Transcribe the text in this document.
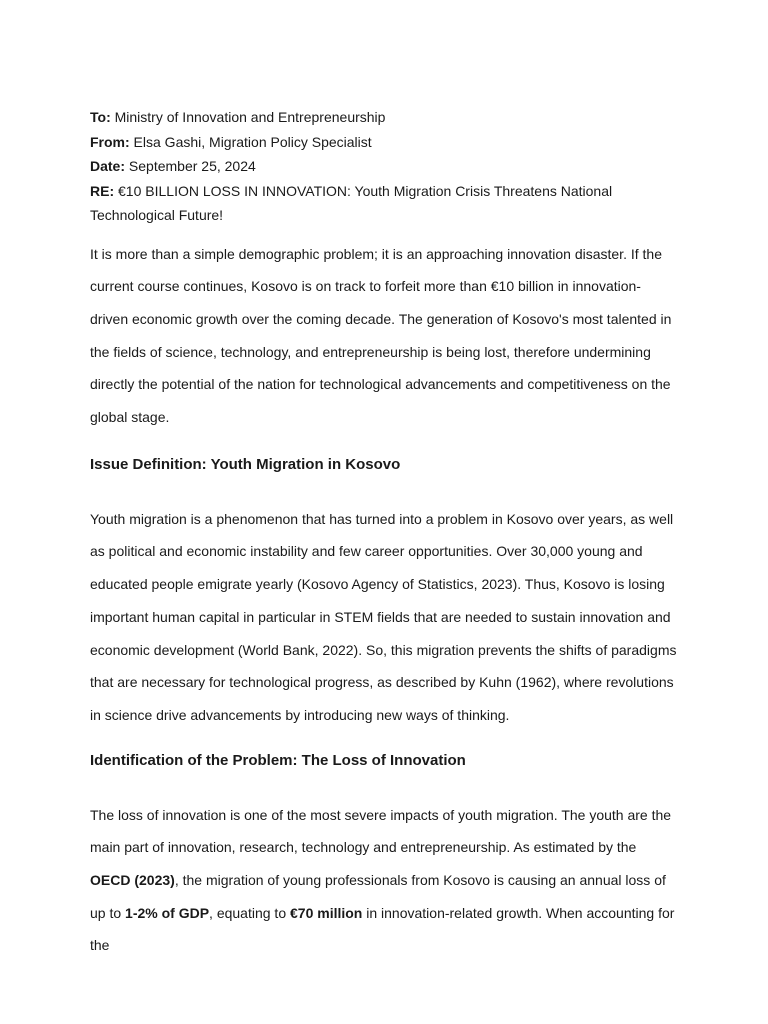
To: Ministry of Innovation and Entrepreneurship

From: Elsa Gashi, Migration Policy Specialist

Date: September 25, 2024

RE: €10 BILLION LOSS IN INNOVATION: Youth Migration Crisis Threatens National Technological Future!

It is more than a simple demographic problem; it is an approaching innovation disaster. If the current course continues, Kosovo is on track to forfeit more than €10 billion in innovation-driven economic growth over the coming decade. The generation of Kosovo's most talented in the fields of science, technology, and entrepreneurship is being lost, therefore undermining directly the potential of the nation for technological advancements and competitiveness on the global stage.

Issue Definition: Youth Migration in Kosovo

Youth migration is a phenomenon that has turned into a problem in Kosovo over years, as well as political and economic instability and few career opportunities. Over 30,000 young and educated people emigrate yearly (Kosovo Agency of Statistics, 2023). Thus, Kosovo is losing important human capital in particular in STEM fields that are needed to sustain innovation and economic development (World Bank, 2022). So, this migration prevents the shifts of paradigms that are necessary for technological progress, as described by Kuhn (1962), where revolutions in science drive advancements by introducing new ways of thinking.

Identification of the Problem: The Loss of Innovation

The loss of innovation is one of the most severe impacts of youth migration. The youth are the main part of innovation, research, technology and entrepreneurship. As estimated by the OECD (2023), the migration of young professionals from Kosovo is causing an annual loss of up to 1-2% of GDP, equating to €70 million in innovation-related growth. When accounting for the
